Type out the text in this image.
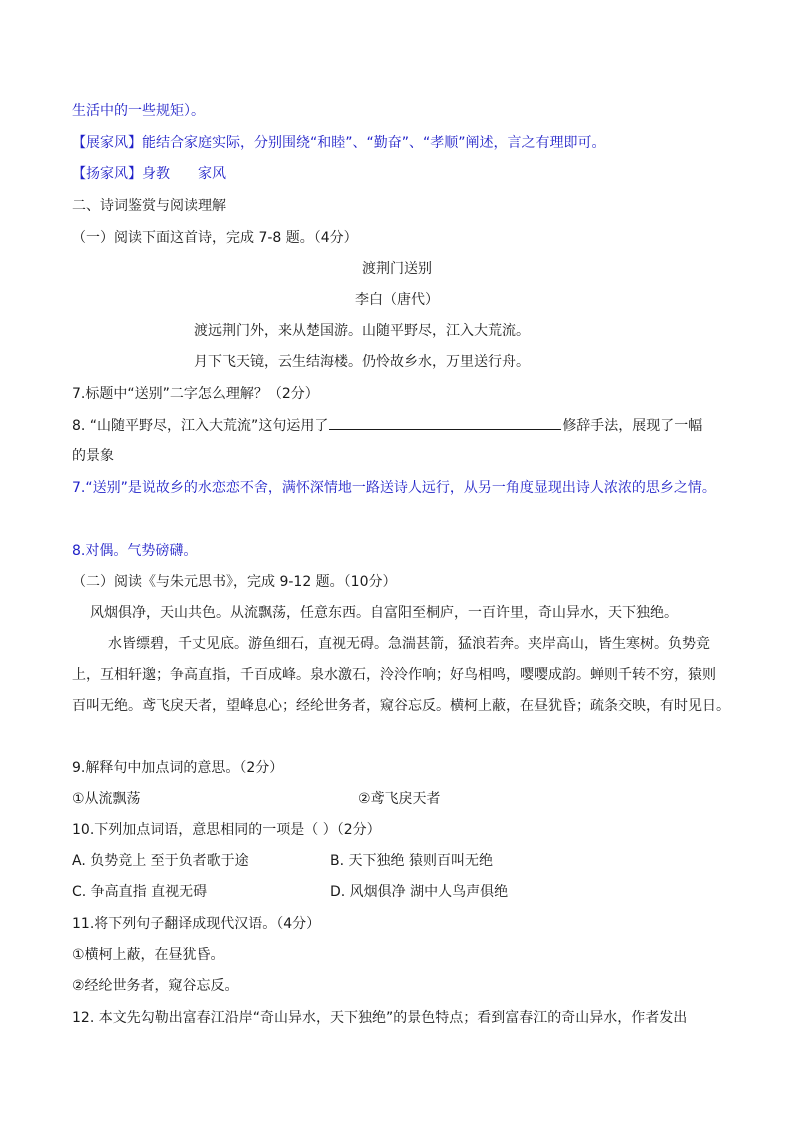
生活中的一些规矩）。
【展家风】能结合家庭实际，分别围绕“和睦”、“勤奋”、“孝顺”阐述，言之有理即可。
【扬家风】身教 家风
二、诗词鉴赏与阅读理解
（一）阅读下面这首诗，完成 7-8 题。（4分）
渡荆门送别
李白（唐代）
渡远荆门外，来从楚国游。山随平野尽，江入大荒流。
月下飞天镜，云生结海楼。仍怜故乡水，万里送行舟。
7.标题中“送别”二字怎么理解？（2分）
8. “山随平野尽，江入大荒流”这句运用了	修辞手法，展现了一幅
的景象
7.“送别”是说故乡的水恋恋不舍，满怀深情地一路送诗人远行，从另一角度显现出诗人浓浓的思乡之情。
8.对偶。气势磅礴。
（二）阅读《与朱元思书》，完成 9-12 题。（10分）
风烟俱净，天山共色。从流飘荡，任意东西。自富阳至桐庐，一百许里，奇山异水，天下独绝。
水皆缥碧，千丈见底。游鱼细石，直视无碍。急湍甚箭，猛浪若奔。夹岸高山，皆生寒树。负势竞
上，互相轩邈；争高直指，千百成峰。泉水激石，泠泠作响；好鸟相鸣，嘤嘤成韵。蝉则千转不穷，猿则
百叫无绝。鸢飞戾天者，望峰息心；经纶世务者，窥谷忘反。横柯上蔽，在昼犹昏；疏条交映，有时见日。
9.解释句中加点词的意思。（2分）
①从流飘荡	②鸢飞戾天者
10.下列加点词语，意思相同的一项是（ ）（2分）
A. 负势竞上 至于负者歌于途	B. 天下独绝 猿则百叫无绝
C. 争高直指 直视无碍	D. 风烟俱净 湖中人鸟声俱绝
11.将下列句子翻译成现代汉语。（4分）
①横柯上蔽，在昼犹昏。
②经纶世务者，窥谷忘反。
12. 本文先勾勒出富春江沿岸“奇山异水，天下独绝”的景色特点；看到富春江的奇山异水，作者发出
